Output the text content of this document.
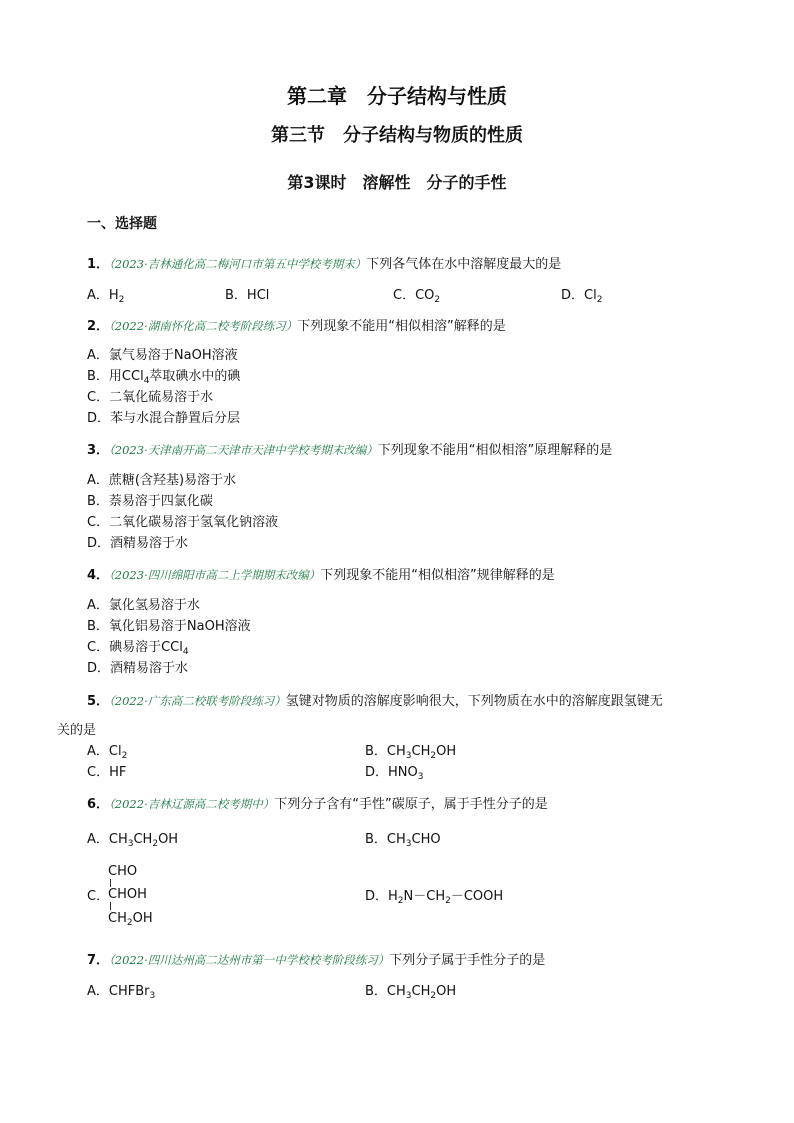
第二章　分子结构与性质
第三节　分子结构与物质的性质
第3课时　溶解性　分子的手性
一、选择题
1．（2023·吉林通化高二梅河口市第五中学校考期末）下列各气体在水中溶解度最大的是
A．$H_2$	B．HCl	C．$CO_2$	D．$Cl_2$
2．（2022·湖南怀化高二校考阶段练习）下列现象不能用“相似相溶”解释的是
A．氯气易溶于NaOH溶液
B．用CCl$_4$萃取碘水中的碘
C．二氧化硫易溶于水
D．苯与水混合静置后分层
3．（2023·天津南开高二天津市天津中学校考期末改编）下列现象不能用“相似相溶”原理解释的是
A．蔗糖(含羟基)易溶于水
B．萘易溶于四氯化碳
C．二氧化碳易溶于氢氧化钠溶液
D．酒精易溶于水
4．（2023·四川绵阳市高二上学期期末改编）下列现象不能用“相似相溶”规律解释的是
A．氯化氢易溶于水
B．氧化铝易溶于NaOH溶液
C．碘易溶于CCl$_4$
D．酒精易溶于水
5．（2022·广东高二校联考阶段练习）氢键对物质的溶解度影响很大，下列物质在水中的溶解度跟氢键无
关的是
A．$Cl_2$	B．$CH_3CH_2OH$
C．HF	D．$HNO_3$
6．（2022·吉林辽源高二校考期中）下列分子含有“手性”碳原子，属于手性分子的是
A．$CH_3CH_2OH$	B．$CH_3CHO$
C．
CHO
CHOH
$CH_2OH$
D．$H_2N-CH_2-COOH$
7．（2022·四川达州高二达州市第一中学校校考阶段练习）下列分子属于手性分子的是
A．CHFBr$_3$	B．$CH_3CH_2OH$
